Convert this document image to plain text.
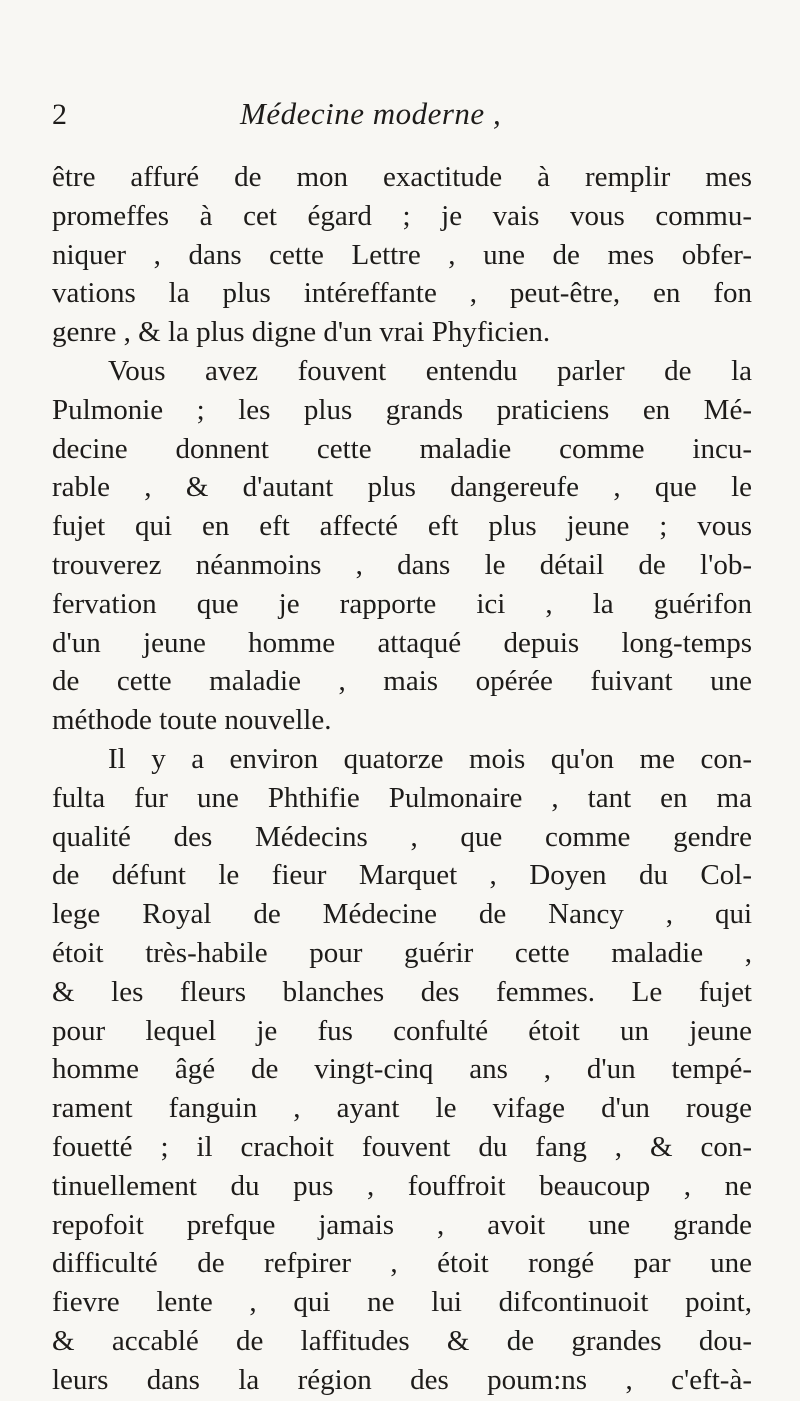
2	Médecine moderne ,
être affuré de mon exactitude à remplir mes
promeffes à cet égard ; je vais vous commu-
niquer , dans cette Lettre , une de mes obfer-
vations la plus intéreffante , peut-être, en fon
genre , & la plus digne d'un vrai Phyficien.
Vous avez fouvent entendu parler de la
Pulmonie ; les plus grands praticiens en Mé-
decine donnent cette maladie comme incu-
rable , & d'autant plus dangereufe , que le
fujet qui en eft affecté eft plus jeune ; vous
trouverez néanmoins , dans le détail de l'ob-
fervation que je rapporte ici , la guérifon
d'un jeune homme attaqué depuis long-temps
de cette maladie , mais opérée fuivant une
méthode toute nouvelle.
Il y a environ quatorze mois qu'on me con-
fulta fur une Phthifie Pulmonaire , tant en ma
qualité des Médecins , que comme gendre
de défunt le fieur Marquet , Doyen du Col-
lege Royal de Médecine de Nancy , qui
étoit très-habile pour guérir cette maladie ,
& les fleurs blanches des femmes. Le fujet
pour lequel je fus confulté étoit un jeune
homme âgé de vingt-cinq ans , d'un tempé-
rament fanguin , ayant le vifage d'un rouge
fouetté ; il crachoit fouvent du fang , & con-
tinuellement du pus , fouffroit beaucoup , ne
repofoit prefque jamais , avoit une grande
difficulté de refpirer , étoit rongé par une
fievre lente , qui ne lui difcontinuoit point,
& accablé de laffitudes & de grandes dou-
leurs dans la région des poum:ns , c'eft-à-
